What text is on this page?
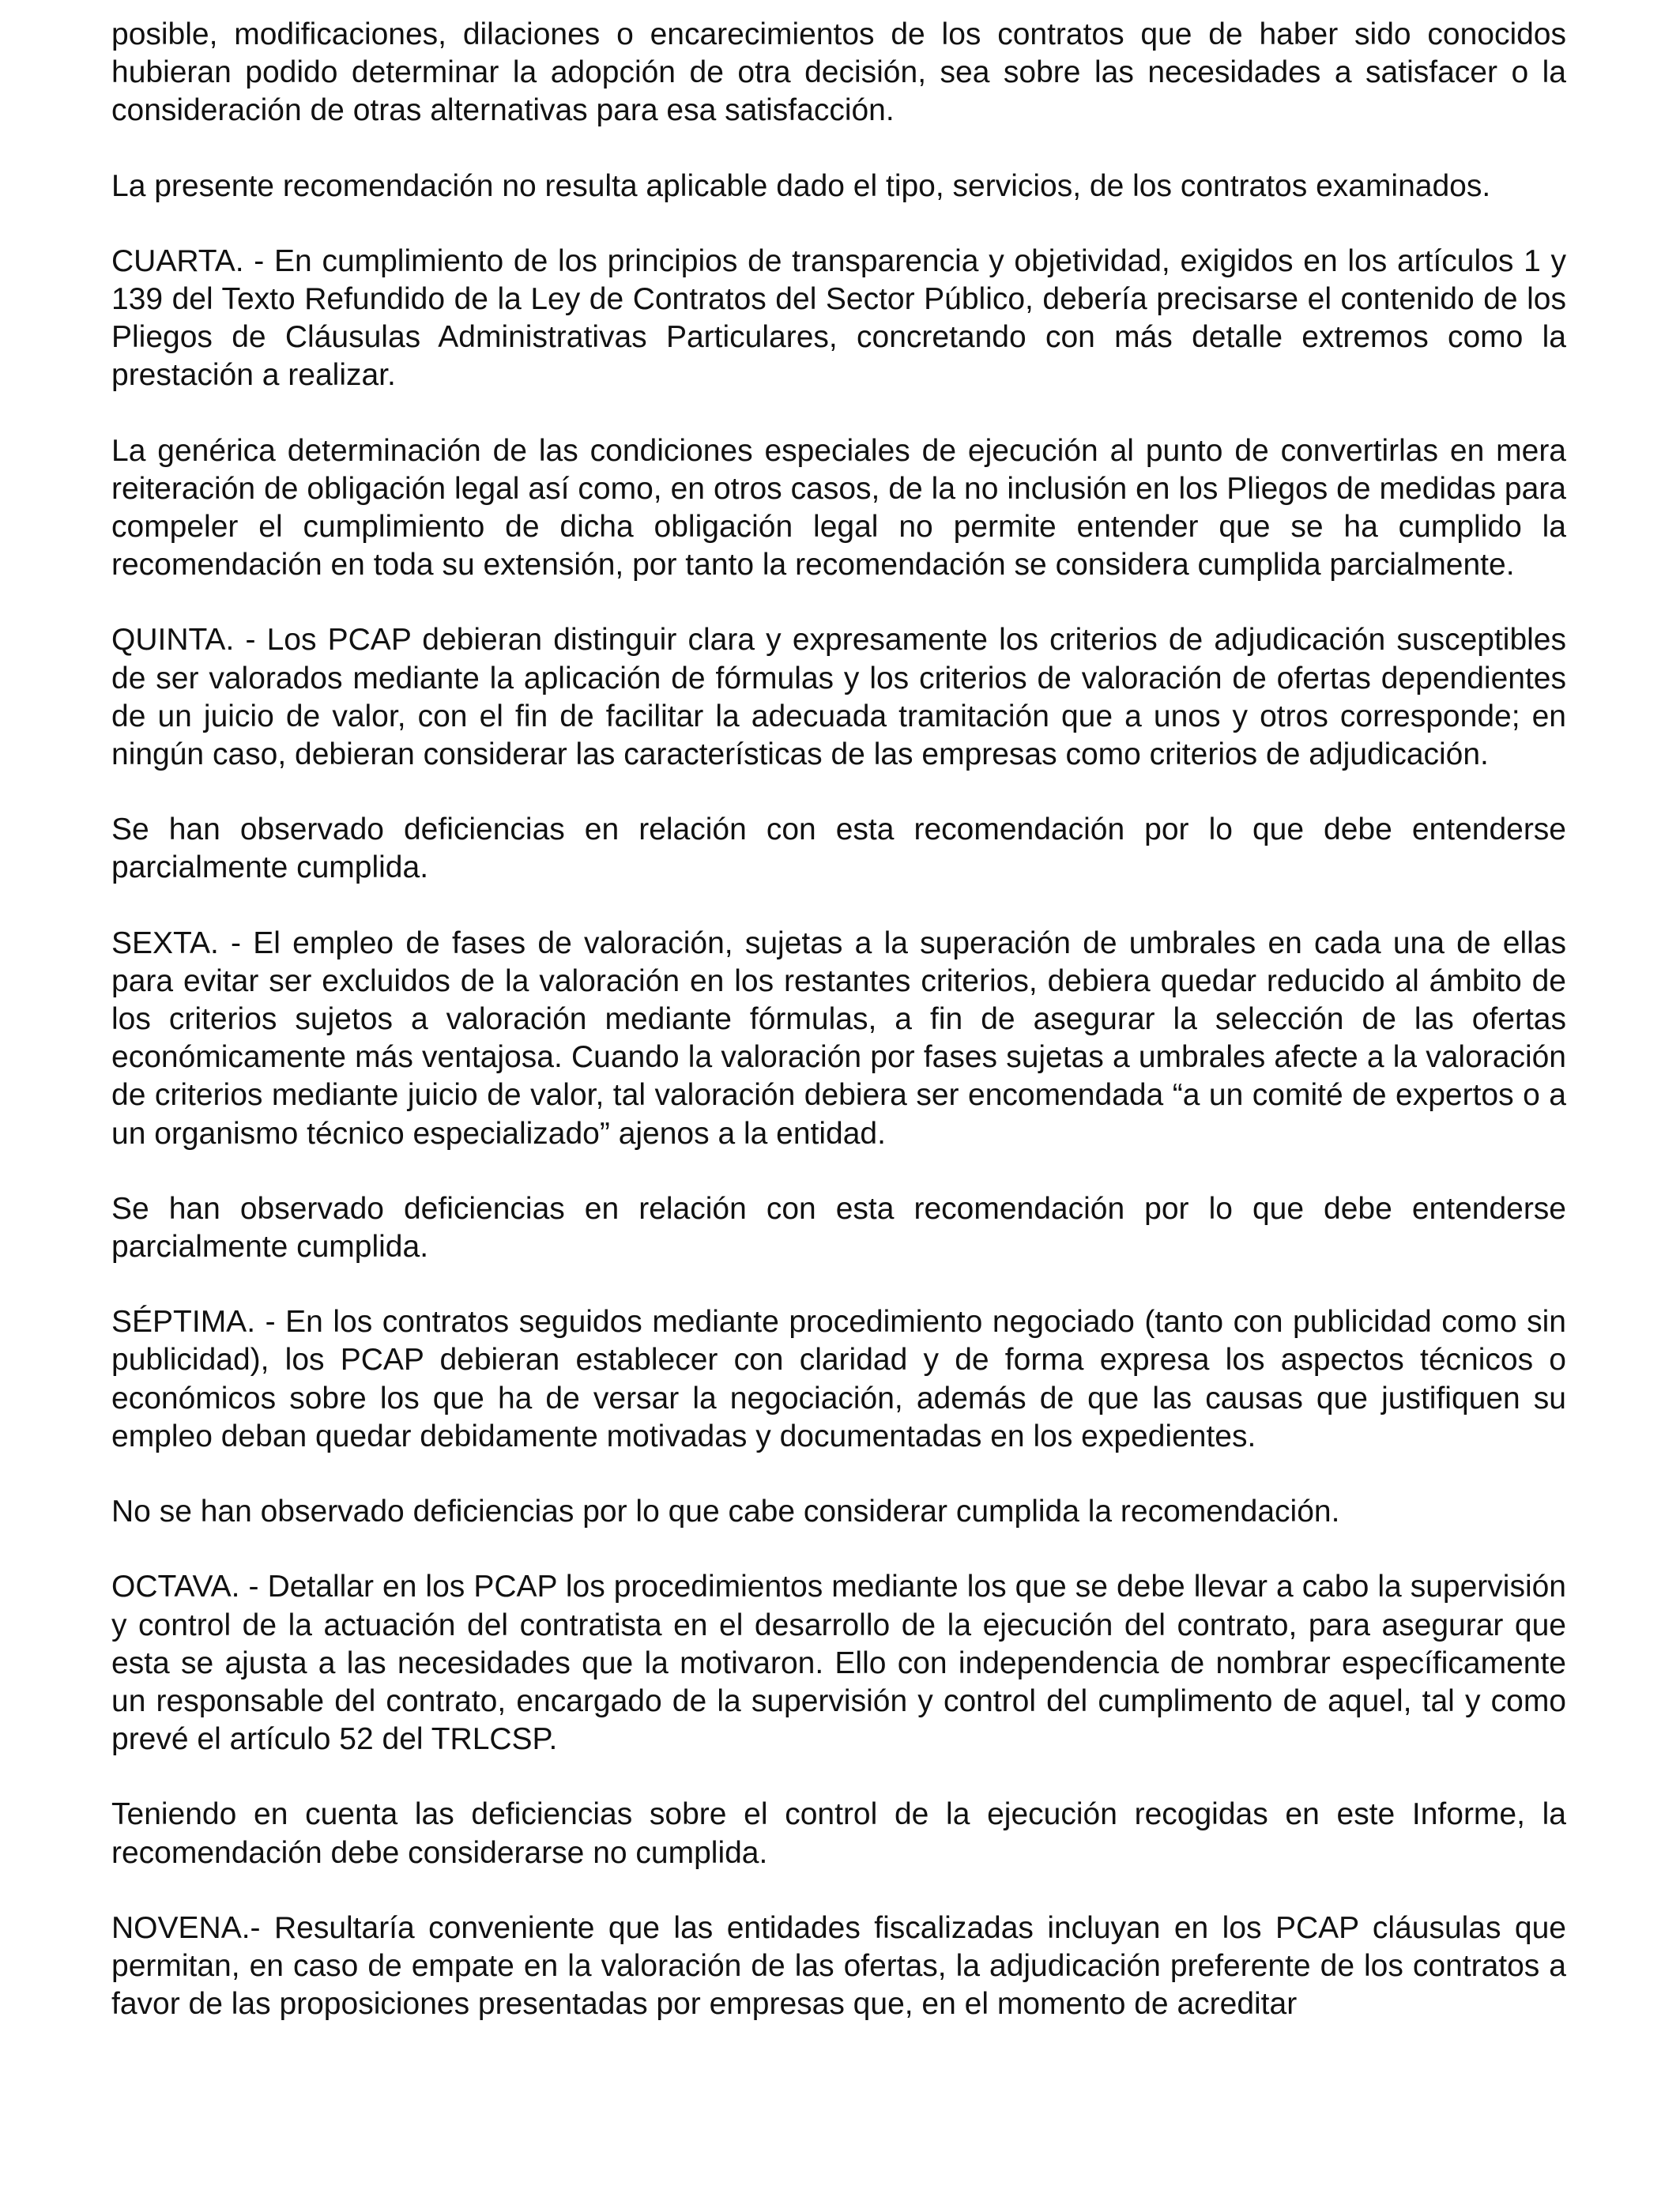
posible, modificaciones, dilaciones o encarecimientos de los contratos que de haber sido conocidos hubieran podido determinar la adopción de otra decisión, sea sobre las necesidades a satisfacer o la consideración de otras alternativas para esa satisfacción.

La presente recomendación no resulta aplicable dado el tipo, servicios, de los contratos examinados.

CUARTA. - En cumplimiento de los principios de transparencia y objetividad, exigidos en los artículos 1 y 139 del Texto Refundido de la Ley de Contratos del Sector Público, debería precisarse el contenido de los Pliegos de Cláusulas Administrativas Particulares, concretando con más detalle extremos como la prestación a realizar.

La genérica determinación de las condiciones especiales de ejecución al punto de convertirlas en mera reiteración de obligación legal así como, en otros casos, de la no inclusión en los Pliegos de medidas para compeler el cumplimiento de dicha obligación legal no permite entender que se ha cumplido la recomendación en toda su extensión, por tanto la recomendación se considera cumplida parcialmente.

QUINTA. - Los PCAP debieran distinguir clara y expresamente los criterios de adjudicación susceptibles de ser valorados mediante la aplicación de fórmulas y los criterios de valoración de ofertas dependientes de un juicio de valor, con el fin de facilitar la adecuada tramitación que a unos y otros corresponde; en ningún caso, debieran considerar las características de las empresas como criterios de adjudicación.

Se han observado deficiencias en relación con esta recomendación por lo que debe entenderse parcialmente cumplida.

SEXTA. - El empleo de fases de valoración, sujetas a la superación de umbrales en cada una de ellas para evitar ser excluidos de la valoración en los restantes criterios, debiera quedar reducido al ámbito de los criterios sujetos a valoración mediante fórmulas, a fin de asegurar la selección de las ofertas económicamente más ventajosa. Cuando la valoración por fases sujetas a umbrales afecte a la valoración de criterios mediante juicio de valor, tal valoración debiera ser encomendada “a un comité de expertos o a un organismo técnico especializado” ajenos a la entidad.

Se han observado deficiencias en relación con esta recomendación por lo que debe entenderse parcialmente cumplida.

SÉPTIMA. - En los contratos seguidos mediante procedimiento negociado (tanto con publicidad como sin publicidad), los PCAP debieran establecer con claridad y de forma expresa los aspectos técnicos o económicos sobre los que ha de versar la negociación, además de que las causas que justifiquen su empleo deban quedar debidamente motivadas y documentadas en los expedientes.

No se han observado deficiencias por lo que cabe considerar cumplida la recomendación.

OCTAVA. - Detallar en los PCAP los procedimientos mediante los que se debe llevar a cabo la supervisión y control de la actuación del contratista en el desarrollo de la ejecución del contrato, para asegurar que esta se ajusta a las necesidades que la motivaron. Ello con independencia de nombrar específicamente un responsable del contrato, encargado de la supervisión y control del cumplimento de aquel, tal y como prevé el artículo 52 del TRLCSP.

Teniendo en cuenta las deficiencias sobre el control de la ejecución recogidas en este Informe, la recomendación debe considerarse no cumplida.

NOVENA.- Resultaría conveniente que las entidades fiscalizadas incluyan en los PCAP cláusulas que permitan, en caso de empate en la valoración de las ofertas, la adjudicación preferente de los contratos a favor de las proposiciones presentadas por empresas que, en el momento de acreditar
